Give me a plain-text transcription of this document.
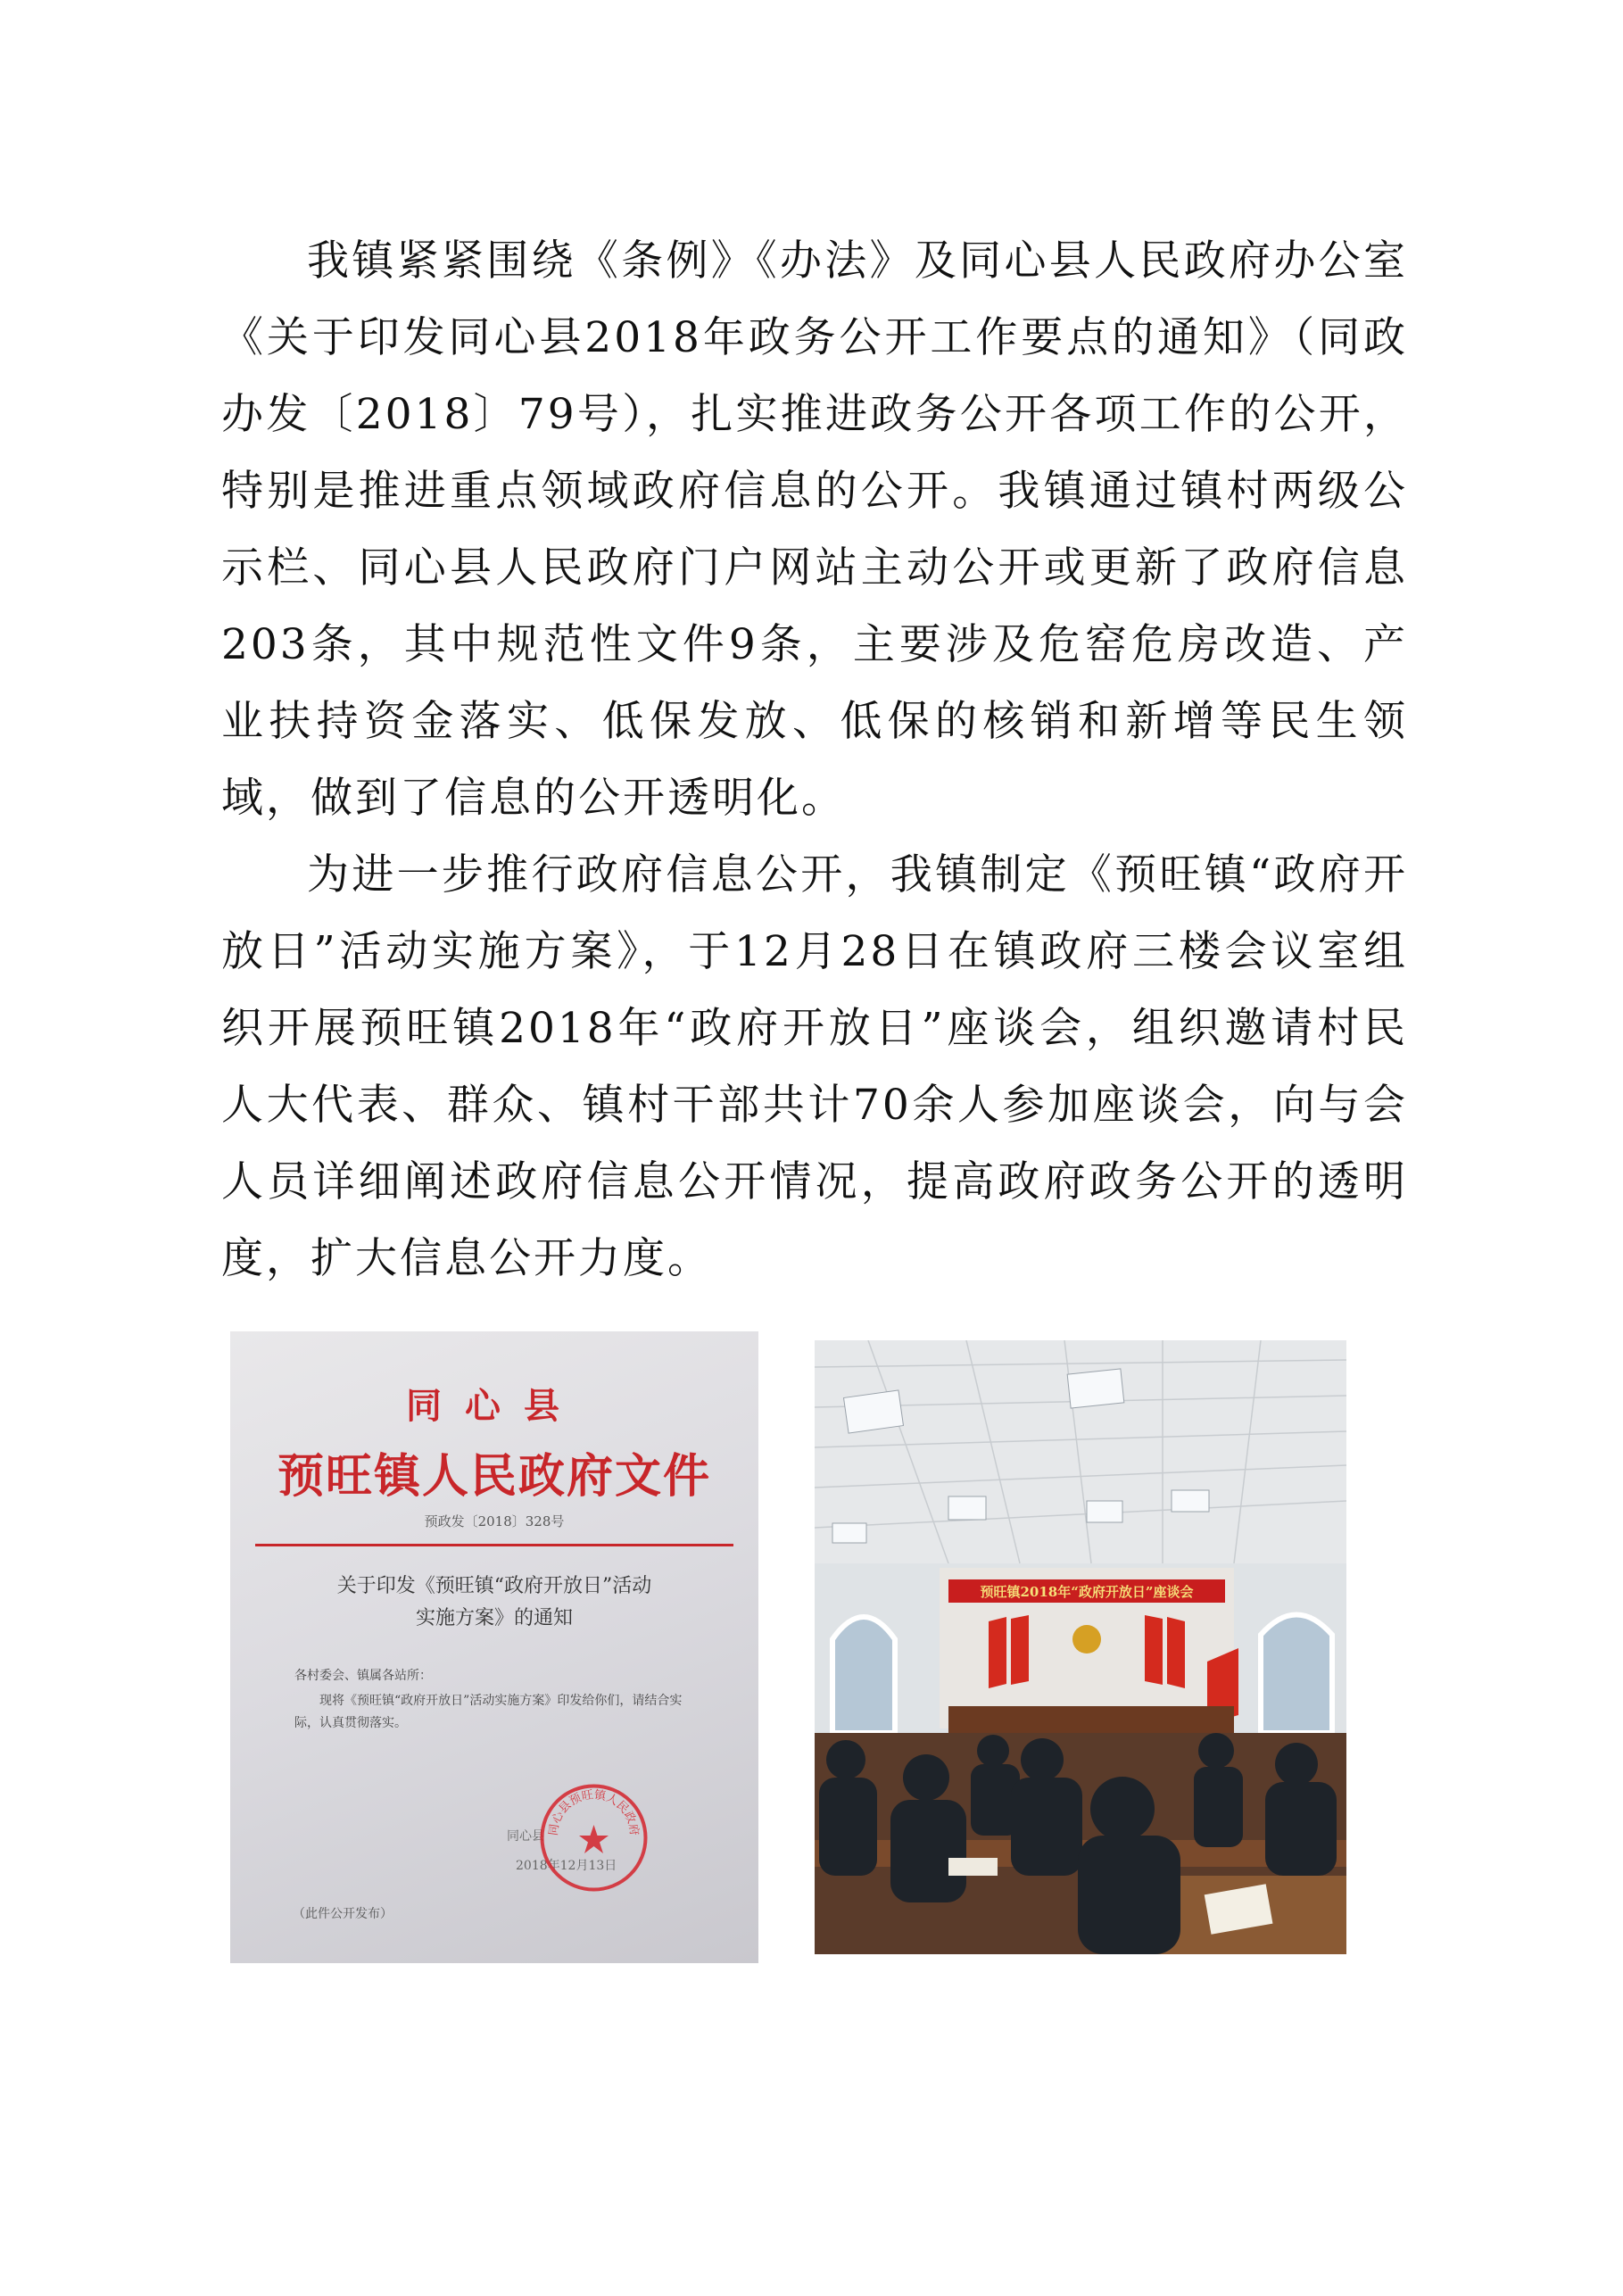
我镇紧紧围绕《条例》《办法》及同心县人民政府办公室《关于印发同心县2018年政务公开工作要点的通知》（同政办发〔2018〕79号），扎实推进政务公开各项工作的公开，特别是推进重点领域政府信息的公开。我镇通过镇村两级公示栏、同心县人民政府门户网站主动公开或更新了政府信息203条，其中规范性文件9条，主要涉及危窑危房改造、产业扶持资金落实、低保发放、低保的核销和新增等民生领域，做到了信息的公开透明化。

为进一步推行政府信息公开，我镇制定《预旺镇“政府开放日”活动实施方案》，于12月28日在镇政府三楼会议室组织开展预旺镇2018年“政府开放日”座谈会，组织邀请村民人大代表、群众、镇村干部共计70余人参加座谈会，向与会人员详细阐述政府信息公开情况，提高政府政务公开的透明度，扩大信息公开力度。

同心县
预旺镇人民政府文件
预政发〔2018〕328号
关于印发《预旺镇“政府开放日”活动实施方案》的通知
各村委会、镇属各站所：
现将《预旺镇“政府开放日”活动实施方案》印发给你们，请结合实际，认真贯彻落实。
同心县
2018年12月13日
（此件公开发布）
同心县预旺镇人民政府
预旺镇2018年“政府开放日”座谈会
